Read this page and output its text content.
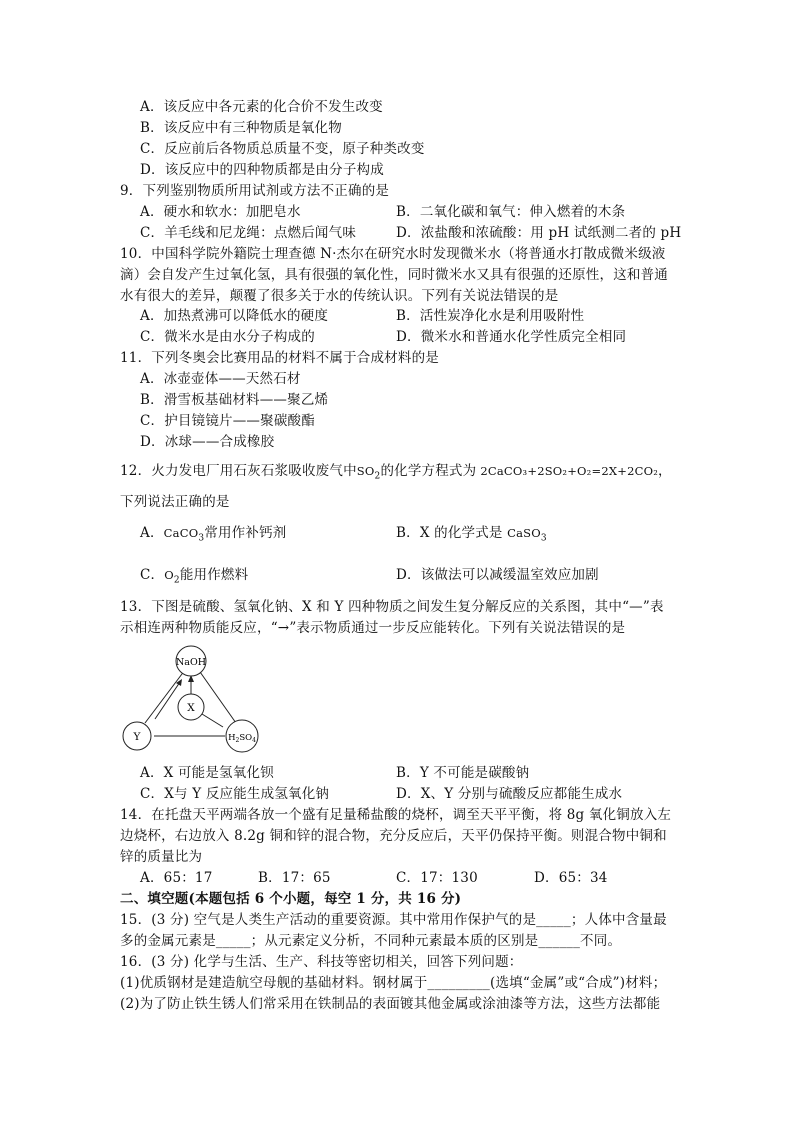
A．该反应中各元素的化合价不发生改变
B．该反应中有三种物质是氧化物
C．反应前后各物质总质量不变，原子种类改变
D．该反应中的四种物质都是由分子构成
9．下列鉴别物质所用试剂或方法不正确的是
A．硬水和软水：加肥皂水	B．二氧化碳和氧气：伸入燃着的木条
C．羊毛线和尼龙绳：点燃后闻气味	D．浓盐酸和浓硫酸：用 pH 试纸测二者的 pH
10．中国科学院外籍院士理查德 N·杰尔在研究水时发现微米水（将普通水打散成微米级液
滴）会自发产生过氧化氢，具有很强的氧化性，同时微米水又具有很强的还原性，这和普通
水有很大的差异，颠覆了很多关于水的传统认识。下列有关说法错误的是
A．加热煮沸可以降低水的硬度	B．活性炭净化水是利用吸附性
C．微米水是由水分子构成的	D．微米水和普通水化学性质完全相同
11．下列冬奥会比赛用品的材料不属于合成材料的是
A．冰壶壶体——天然石材
B．滑雪板基础材料——聚乙烯
C．护目镜镜片——聚碳酸酯
D．冰球——合成橡胶
12．火力发电厂用石灰石浆吸收废气中$SO_2$的化学方程式为 2CaCO₃+2SO₂+O₂=2X+2CO₂，
下列说法正确的是
A．CaCO$_3$常用作补钙剂	B．X 的化学式是 CaSO$_3$
C．$O_2$能用作燃料	D．该做法可以减缓温室效应加剧
13．下图是硫酸、氢氧化钠、X 和 Y 四种物质之间发生复分解反应的关系图，其中“—”表
示相连两种物质能反应，“→”表示物质通过一步反应能转化。下列有关说法错误的是
NaOH
X
Y	$H_2SO_4$
A．X 可能是氢氧化钡	B．Y 不可能是碳酸钠
C．X与 Y 反应能生成氢氧化钠	D．X、Y 分别与硫酸反应都能生成水
14．在托盘天平两端各放一个盛有足量稀盐酸的烧杯，调至天平平衡，将 8g 氧化铜放入左
边烧杯，右边放入 8.2g 铜和锌的混合物，充分反应后，天平仍保持平衡。则混合物中铜和
锌的质量比为
A．65：17	B．17：65	C．17：130	D．65：34
二、填空题(本题包括 6 个小题，每空 1 分，共 16 分)
15．(3 分) 空气是人类生产活动的重要资源。其中常用作保护气的是_____；人体中含量最
多的金属元素是_____；从元素定义分析，不同种元素最本质的区别是______不同。
16．(3 分) 化学与生活、生产、科技等密切相关，回答下列问题：
(1)优质钢材是建造航空母舰的基础材料。钢材属于_________(选填“金属”或“合成”)材料；
(2)为了防止铁生锈人们常采用在铁制品的表面镀其他金属或涂油漆等方法，这些方法都能
